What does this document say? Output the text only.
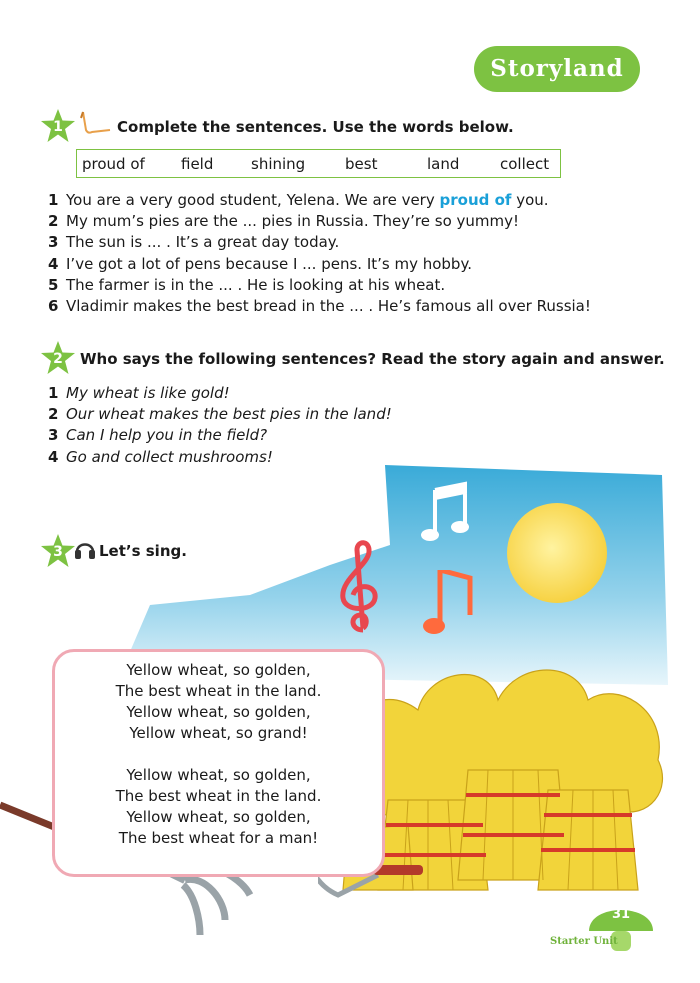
Storyland
1	Complete the sentences. Use the words below.
proud of field	shining	best	land	collect
1 You are a very good student, Yelena. We are very proud of you.
2 My mum’s pies are the ... pies in Russia. They’re so yummy!
3 The sun is ... . It’s a great day today.
4 I’ve got a lot of pens because I ... pens. It’s my hobby.
5 The farmer is in the ... . He is looking at his wheat.
6 Vladimir makes the best bread in the ... . He’s famous all over Russia!
2	Who says the following sentences? Read the story again and answer.
1 My wheat is like gold!
2 Our wheat makes the best pies in the land!
3 Can I help you in the field?
4 Go and collect mushrooms!
3	Let’s sing.
Yellow wheat, so golden,
The best wheat in the land.
Yellow wheat, so golden,
Yellow wheat, so grand!
Yellow wheat, so golden,
The best wheat in the land.
Yellow wheat, so golden,
The best wheat for a man!
31
Starter Unit
